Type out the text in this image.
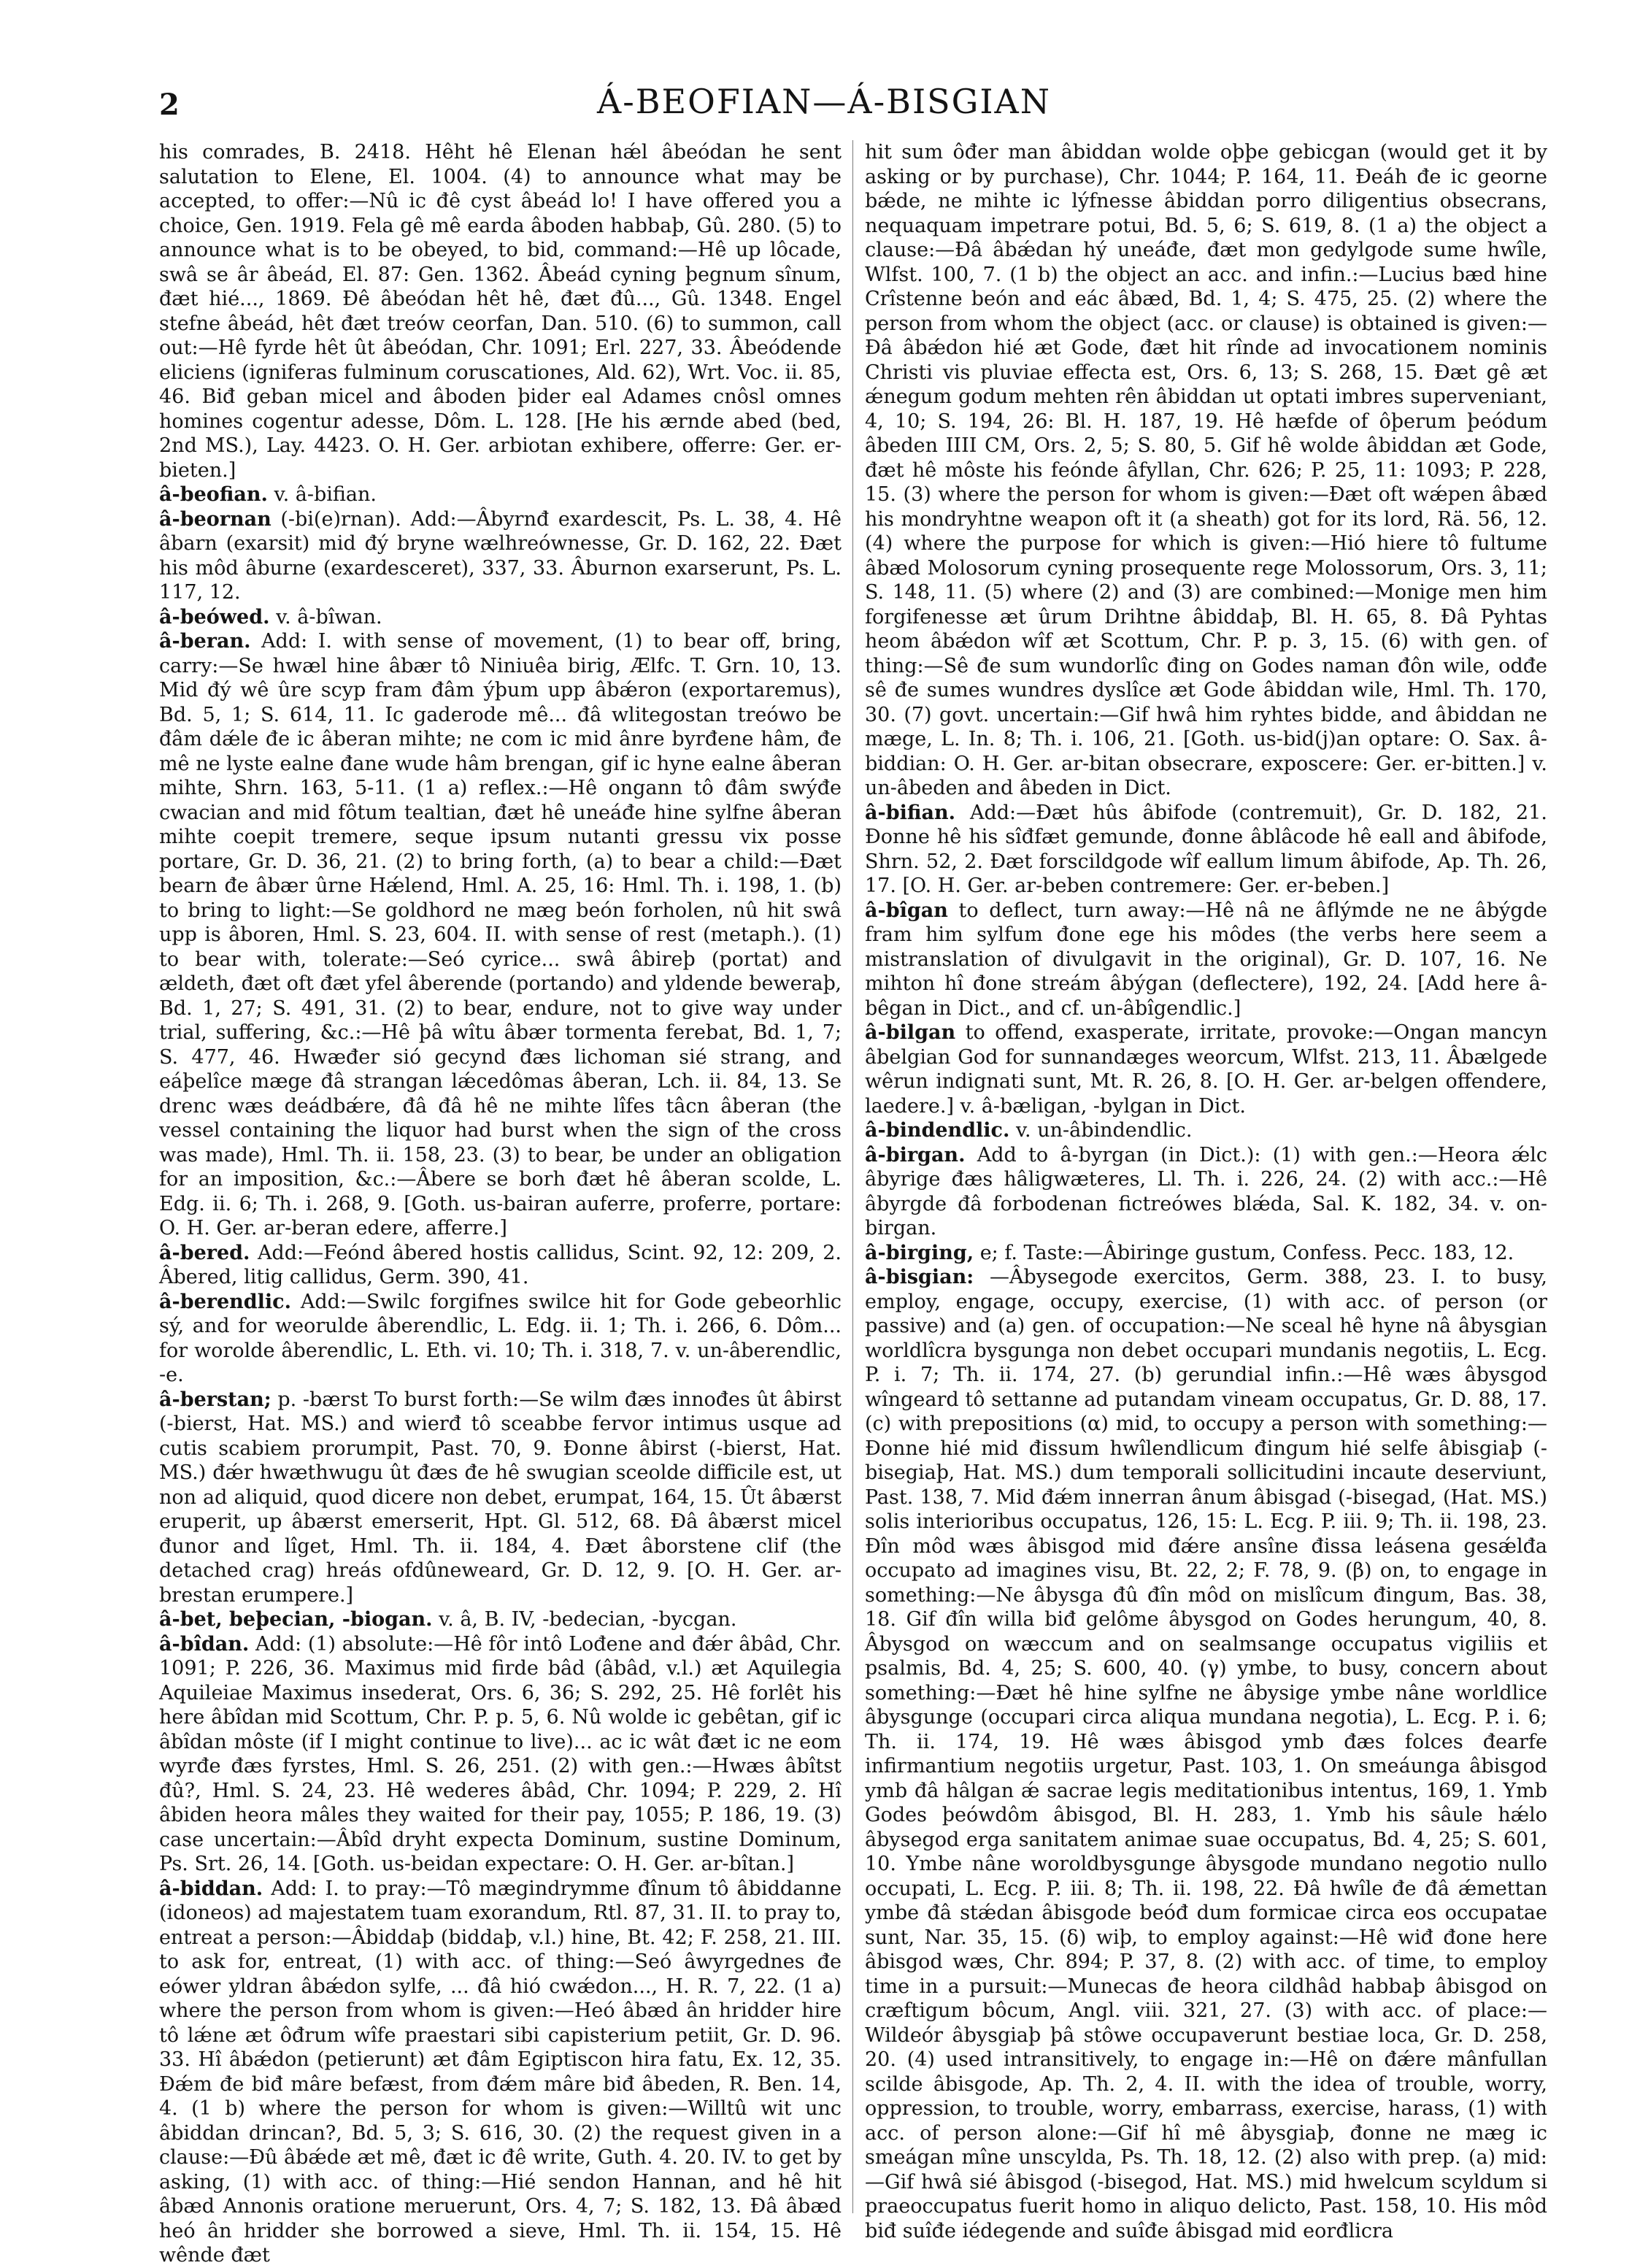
2	Á-BEOFIAN—Á-BISGIAN

his comrades, B. 2418. Hêht hê Elenan hǽl âbeódan he sent salutation to Elene, El. 1004. (4) to announce what may be accepted, to offer:—Nû ic đê cyst âbeád lo! I have offered you a choice, Gen. 1919. Fela gê mê earda âboden habbaþ, Gû. 280. (5) to announce what is to be obeyed, to bid, command:—Hê up lôcade, swâ se âr âbeád, El. 87: Gen. 1362. Âbeád cyning þegnum sînum, đæt hié..., 1869. Đê âbeódan hêt hê, đæt đû..., Gû. 1348. Engel stefne âbeád, hêt đæt treów ceorfan, Dan. 510. (6) to summon, call out:—Hê fyrde hêt ût âbeódan, Chr. 1091; Erl. 227, 33. Âbeódende eliciens (igniferas fulminum coruscationes, Ald. 62), Wrt. Voc. ii. 85, 46. Biđ geban micel and âboden þider eal Adames cnôsl omnes homines cogentur adesse, Dôm. L. 128. [He his ærnde abed (bed, 2nd MS.), Lay. 4423. O. H. Ger. arbiotan exhibere, offerre: Ger. er-bieten.]

â-beofian. v. â-bifian.

â-beornan (-bi(e)rnan). Add:—Âbyrnđ exardescit, Ps. L. 38, 4. Hê âbarn (exarsit) mid đý bryne wælhreównesse, Gr. D. 162, 22. Đæt his môd âburne (exardesceret), 337, 33. Âburnon exarserunt, Ps. L. 117, 12.

â-beówed. v. â-bîwan.

â-beran. Add: I. with sense of movement, (1) to bear off, bring, carry:—Se hwæl hine âbær tô Niniuêa birig, Ælfc. T. Grn. 10, 13. Mid đý wê ûre scyp fram đâm ýþum upp âbǽron (exportaremus), Bd. 5, 1; S. 614, 11. Ic gaderode mê... đâ wlitegostan treówo be đâm dǽle đe ic âberan mihte; ne com ic mid ânre byrđene hâm, đe mê ne lyste ealne đane wude hâm brengan, gif ic hyne ealne âberan mihte, Shrn. 163, 5-11. (1 a) reflex.:—Hê ongann tô đâm swýđe cwacian and mid fôtum tealtian, đæt hê uneáđe hine sylfne âberan mihte coepit tremere, seque ipsum nutanti gressu vix posse portare, Gr. D. 36, 21. (2) to bring forth, (a) to bear a child:—Đæt bearn đe âbær ûrne Hǽlend, Hml. A. 25, 16: Hml. Th. i. 198, 1. (b) to bring to light:—Se goldhord ne mæg beón forholen, nû hit swâ upp is âboren, Hml. S. 23, 604. II. with sense of rest (metaph.). (1) to bear with, tolerate:—Seó cyrice... swâ âbireþ (portat) and ældeth, đæt oft đæt yfel âberende (portando) and yldende beweraþ, Bd. 1, 27; S. 491, 31. (2) to bear, endure, not to give way under trial, suffering, &c.:—Hê þâ wîtu âbær tormenta ferebat, Bd. 1, 7; S. 477, 46. Hwæđer sió gecynd đæs lichoman sié strang, and eáþelîce mæge đâ strangan lǽcedômas âberan, Lch. ii. 84, 13. Se drenc wæs deádbǽre, đâ đâ hê ne mihte lîfes tâcn âberan (the vessel containing the liquor had burst when the sign of the cross was made), Hml. Th. ii. 158, 23. (3) to bear, be under an obligation for an imposition, &c.:—Âbere se borh đæt hê âberan scolde, L. Edg. ii. 6; Th. i. 268, 9. [Goth. us-bairan auferre, proferre, portare: O. H. Ger. ar-beran edere, afferre.]

â-bered. Add:—Feónd âbered hostis callidus, Scint. 92, 12: 209, 2. Âbered, litig callidus, Germ. 390, 41.

â-berendlic. Add:—Swilc forgifnes swilce hit for Gode gebeorhlic sý, and for weorulde âberendlic, L. Edg. ii. 1; Th. i. 266, 6. Dôm... for worolde âberendlic, L. Eth. vi. 10; Th. i. 318, 7. v. un-âberendlic, -e.

â-berstan; p. -bærst To burst forth:—Se wilm đæs innođes ût âbirst (-bierst, Hat. MS.) and wierđ tô sceabbe fervor intimus usque ad cutis scabiem prorumpit, Past. 70, 9. Đonne âbirst (-bierst, Hat. MS.) đǽr hwæthwugu ût đæs đe hê swugian sceolde difficile est, ut non ad aliquid, quod dicere non debet, erumpat, 164, 15. Ût âbærst eruperit, up âbærst emerserit, Hpt. Gl. 512, 68. Đâ âbærst micel đunor and lîget, Hml. Th. ii. 184, 4. Đæt âborstene clif (the detached crag) hreás ofdûneweard, Gr. D. 12, 9. [O. H. Ger. ar-brestan erumpere.]

â-bet, beþecian, -biogan. v. â, B. IV, -bedecian, -bycgan.

â-bîdan. Add: (1) absolute:—Hê fôr intô Lođene and đǽr âbâd, Chr. 1091; P. 226, 36. Maximus mid firde bâd (âbâd, v.l.) æt Aquilegia Aquileiae Maximus insederat, Ors. 6, 36; S. 292, 25. Hê forlêt his here âbîdan mid Scottum, Chr. P. p. 5, 6. Nû wolde ic gebêtan, gif ic âbîdan môste (if I might continue to live)... ac ic wât đæt ic ne eom wyrđe đæs fyrstes, Hml. S. 26, 251. (2) with gen.:—Hwæs âbîtst đû?, Hml. S. 24, 23. Hê wederes âbâd, Chr. 1094; P. 229, 2. Hî âbiden heora mâles they waited for their pay, 1055; P. 186, 19. (3) case uncertain:—Âbîd dryht expecta Dominum, sustine Dominum, Ps. Srt. 26, 14. [Goth. us-beidan expectare: O. H. Ger. ar-bîtan.]

â-biddan. Add: I. to pray:—Tô mægindrymme đînum tô âbiddanne (idoneos) ad majestatem tuam exorandum, Rtl. 87, 31. II. to pray to, entreat a person:—Âbiddaþ (biddaþ, v.l.) hine, Bt. 42; F. 258, 21. III. to ask for, entreat, (1) with acc. of thing:—Seó âwyrgednes đe eówer yldran âbǽdon sylfe, ... đâ hió cwǽdon..., H. R. 7, 22. (1 a) where the person from whom is given:—Heó âbæd ân hridder hire tô lǽne æt ôđrum wîfe praestari sibi capisterium petiit, Gr. D. 96. 33. Hî âbǽdon (petierunt) æt đâm Egiptiscon hira fatu, Ex. 12, 35. Đǽm đe biđ mâre befæst, from đǽm mâre biđ âbeden, R. Ben. 14, 4. (1 b) where the person for whom is given:—Willtû wit unc âbiddan drincan?, Bd. 5, 3; S. 616, 30. (2) the request given in a clause:—Đû âbǽde æt mê, đæt ic đê write, Guth. 4. 20. IV. to get by asking, (1) with acc. of thing:—Hié sendon Hannan, and hê hit âbæd Annonis oratione meruerunt, Ors. 4, 7; S. 182, 13. Đâ âbæd heó ân hridder she borrowed a sieve, Hml. Th. ii. 154, 15. Hê wênde đæt

hit sum ôđer man âbiddan wolde oþþe gebicgan (would get it by asking or by purchase), Chr. 1044; P. 164, 11. Đeáh đe ic georne bǽde, ne mihte ic lýfnesse âbiddan porro diligentius obsecrans, nequaquam impetrare potui, Bd. 5, 6; S. 619, 8. (1 a) the object a clause:—Đâ âbǽdan hý uneáđe, đæt mon gedylgode sume hwîle, Wlfst. 100, 7. (1 b) the object an acc. and infin.:—Lucius bæd hine Crîstenne beón and eác âbæd, Bd. 1, 4; S. 475, 25. (2) where the person from whom the object (acc. or clause) is obtained is given:—Đâ âbǽdon hié æt Gode, đæt hit rînde ad invocationem nominis Christi vis pluviae effecta est, Ors. 6, 13; S. 268, 15. Đæt gê æt ǽnegum godum mehten rên âbiddan ut optati imbres superveniant, 4, 10; S. 194, 26: Bl. H. 187, 19. Hê hæfde of ôþerum þeódum âbeden IIII CM, Ors. 2, 5; S. 80, 5. Gif hê wolde âbiddan æt Gode, đæt hê môste his feónde âfyllan, Chr. 626; P. 25, 11: 1093; P. 228, 15. (3) where the person for whom is given:—Đæt oft wǽpen âbæd his mondryhtne weapon oft it (a sheath) got for its lord, Rä. 56, 12. (4) where the purpose for which is given:—Hió hiere tô fultume âbæd Molosorum cyning prosequente rege Molossorum, Ors. 3, 11; S. 148, 11. (5) where (2) and (3) are combined:—Monige men him forgifenesse æt ûrum Drihtne âbiddaþ, Bl. H. 65, 8. Đâ Pyhtas heom âbǽdon wîf æt Scottum, Chr. P. p. 3, 15. (6) with gen. of thing:—Sê đe sum wundorlîc đing on Godes naman đôn wile, odđe sê đe sumes wundres dyslîce æt Gode âbiddan wile, Hml. Th. 170, 30. (7) govt. uncertain:—Gif hwâ him ryhtes bidde, and âbiddan ne mæge, L. In. 8; Th. i. 106, 21. [Goth. us-bid(j)an optare: O. Sax. â-biddian: O. H. Ger. ar-bitan obsecrare, exposcere: Ger. er-bitten.] v. un-âbeden and âbeden in Dict.

â-bifian. Add:—Đæt hûs âbifode (contremuit), Gr. D. 182, 21. Đonne hê his sîđfæt gemunde, đonne âblâcode hê eall and âbifode, Shrn. 52, 2. Đæt forscildgode wîf eallum limum âbifode, Ap. Th. 26, 17. [O. H. Ger. ar-beben contremere: Ger. er-beben.]

â-bîgan to deflect, turn away:—Hê nâ ne âflýmde ne ne âbýgde fram him sylfum đone ege his môdes (the verbs here seem a mistranslation of divulgavit in the original), Gr. D. 107, 16. Ne mihton hî đone streám âbýgan (deflectere), 192, 24. [Add here â-bêgan in Dict., and cf. un-âbîgendlic.]

â-bilgan to offend, exasperate, irritate, provoke:—Ongan mancyn âbelgian God for sunnandæges weorcum, Wlfst. 213, 11. Âbælgede wêrun indignati sunt, Mt. R. 26, 8. [O. H. Ger. ar-belgen offendere, laedere.] v. â-bæligan, -bylgan in Dict.

â-bindendlic. v. un-âbindendlic.

â-birgan. Add to â-byrgan (in Dict.): (1) with gen.:—Heora ǽlc âbyrige đæs hâligwæteres, Ll. Th. i. 226, 24. (2) with acc.:—Hê âbyrgde đâ forbodenan fictreówes blǽda, Sal. K. 182, 34. v. on-birgan.

â-birging, e; f. Taste:—Âbiringe gustum, Confess. Pecc. 183, 12.

â-bisgian: —Âbysegode exercitos, Germ. 388, 23. I. to busy, employ, engage, occupy, exercise, (1) with acc. of person (or passive) and (a) gen. of occupation:—Ne sceal hê hyne nâ âbysgian worldlîcra bysgunga non debet occupari mundanis negotiis, L. Ecg. P. i. 7; Th. ii. 174, 27. (b) gerundial infin.:—Hê wæs âbysgod wîngeard tô settanne ad putandam vineam occupatus, Gr. D. 88, 17. (c) with prepositions (α) mid, to occupy a person with something:—Đonne hié mid đissum hwîlendlicum đingum hié selfe âbisgiaþ (-bisegiaþ, Hat. MS.) dum temporali sollicitudini incaute deserviunt, Past. 138, 7. Mid đǽm innerran ânum âbisgad (-bisegad, (Hat. MS.) solis interioribus occupatus, 126, 15: L. Ecg. P. iii. 9; Th. ii. 198, 23. Đîn môd wæs âbisgod mid đǽre ansîne đissa leásena gesǽlđa occupato ad imagines visu, Bt. 22, 2; F. 78, 9. (β) on, to engage in something:—Ne âbysga đû đîn môd on mislîcum đingum, Bas. 38, 18. Gif đîn willa biđ gelôme âbysgod on Godes herungum, 40, 8. Âbysgod on wæccum and on sealmsange occupatus vigiliis et psalmis, Bd. 4, 25; S. 600, 40. (γ) ymbe, to busy, concern about something:—Đæt hê hine sylfne ne âbysige ymbe nâne worldlice âbysgunge (occupari circa aliqua mundana negotia), L. Ecg. P. i. 6; Th. ii. 174, 19. Hê wæs âbisgod ymb đæs folces đearfe infirmantium negotiis urgetur, Past. 103, 1. On smeáunga âbisgod ymb đâ hâlgan ǽ sacrae legis meditationibus intentus, 169, 1. Ymb Godes þeówdôm âbisgod, Bl. H. 283, 1. Ymb his sâule hǽlo âbysegod erga sanitatem animae suae occupatus, Bd. 4, 25; S. 601, 10. Ymbe nâne woroldbysgunge âbysgode mundano negotio nullo occupati, L. Ecg. P. iii. 8; Th. ii. 198, 22. Đâ hwîle đe đâ ǽmettan ymbe đâ stǽdan âbisgode beóđ dum formicae circa eos occupatae sunt, Nar. 35, 15. (δ) wiþ, to employ against:—Hê wiđ đone here âbisgod wæs, Chr. 894; P. 37, 8. (2) with acc. of time, to employ time in a pursuit:—Munecas đe heora cildhâd habbaþ âbisgod on cræftigum bôcum, Angl. viii. 321, 27. (3) with acc. of place:—Wildeór âbysgiaþ þâ stôwe occupaverunt bestiae loca, Gr. D. 258, 20. (4) used intransitively, to engage in:—Hê on đǽre mânfullan scilde âbisgode, Ap. Th. 2, 4. II. with the idea of trouble, worry, oppression, to trouble, worry, embarrass, exercise, harass, (1) with acc. of person alone:—Gif hî mê âbysgiaþ, đonne ne mæg ic smeágan mîne unscylda, Ps. Th. 18, 12. (2) also with prep. (a) mid:—Gif hwâ sié âbisgod (-bisegod, Hat. MS.) mid hwelcum scyldum si praeoccupatus fuerit homo in aliquo delicto, Past. 158, 10. His môd biđ suîđe iédegende and suîđe âbisgad mid eorđlicra
